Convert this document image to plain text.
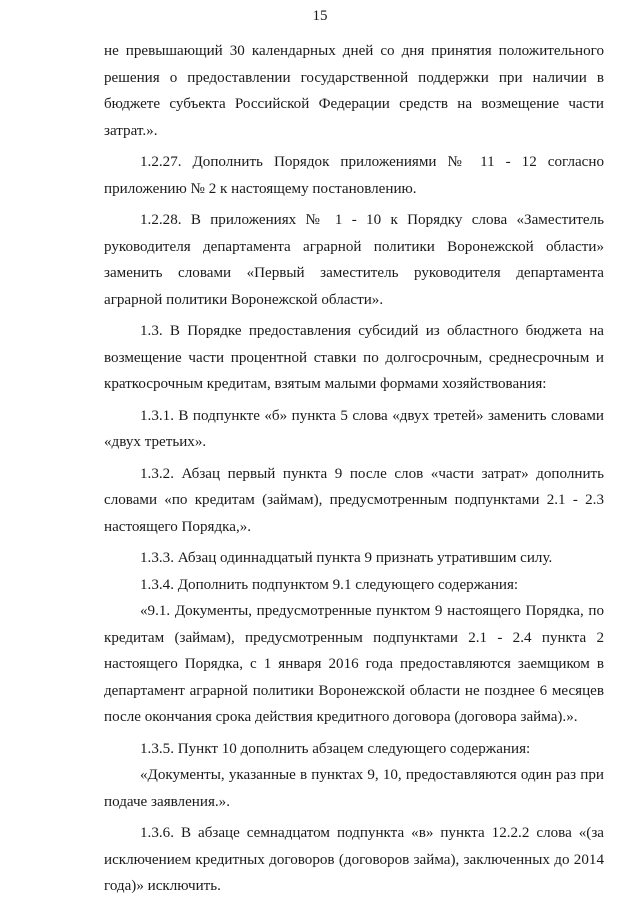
15

не превышающий 30 календарных дней со дня принятия положительного решения о предоставлении государственной поддержки при наличии в бюджете субъекта Российской Федерации средств на возмещение части затрат.».

1.2.27. Дополнить Порядок приложениями № 11 - 12 согласно приложению № 2 к настоящему постановлению.

1.2.28. В приложениях № 1 - 10 к Порядку слова «Заместитель руководителя департамента аграрной политики Воронежской области» заменить словами «Первый заместитель руководителя департамента аграрной политики Воронежской области».

1.3. В Порядке предоставления субсидий из областного бюджета на возмещение части процентной ставки по долгосрочным, среднесрочным и краткосрочным кредитам, взятым малыми формами хозяйствования:

1.3.1. В подпункте «б» пункта 5 слова «двух третей» заменить словами «двух третьих».

1.3.2. Абзац первый пункта 9 после слов «части затрат» дополнить словами «по кредитам (займам), предусмотренным подпунктами 2.1 - 2.3 настоящего Порядка,».

1.3.3. Абзац одиннадцатый пункта 9 признать утратившим силу.

1.3.4. Дополнить подпунктом 9.1 следующего содержания:

«9.1. Документы, предусмотренные пунктом 9 настоящего Порядка, по кредитам (займам), предусмотренным подпунктами 2.1 - 2.4 пункта 2 настоящего Порядка, с 1 января 2016 года предоставляются заемщиком в департамент аграрной политики Воронежской области не позднее 6 месяцев после окончания срока действия кредитного договора (договора займа).».

1.3.5. Пункт 10 дополнить абзацем следующего содержания:

«Документы, указанные в пунктах 9, 10, предоставляются один раз при подаче заявления.».

1.3.6. В абзаце семнадцатом подпункта «в» пункта 12.2.2 слова «(за исключением кредитных договоров (договоров займа), заключенных до 2014 года)» исключить.
